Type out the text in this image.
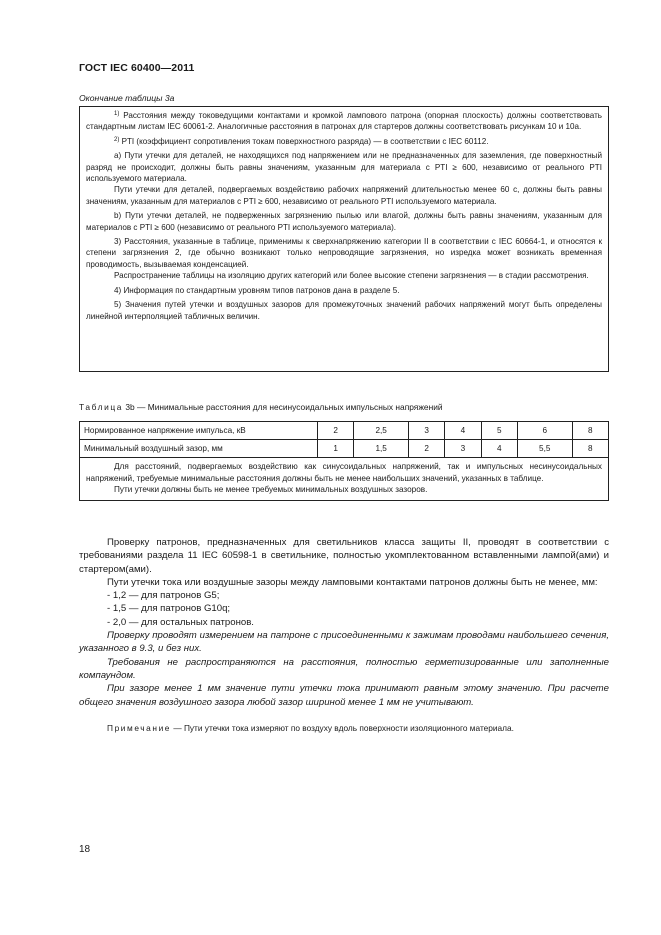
ГОСТ IEC 60400—2011
Окончание таблицы 3а

$^{1)}$ Расстояния между токоведущими контактами и кромкой лампового патрона (опорная плоскость) должны соответствовать стандартным листам IEC 60061-2. Аналогичные расстояния в патронах для стартеров должны соответствовать рисункам 10 и 10a.

$^{2)}$ PTI (коэффициент сопротивления токам поверхностного разряда) — в соответствии с IEC 60112.

а) Пути утечки для деталей, не находящихся под напряжением или не предназначенных для заземления, где поверхностный разряд не происходит, должны быть равны значениям, указанным для материала с PTI ≥ 600, независимо от реального PTI используемого материала.

Пути утечки для деталей, подвергаемых воздействию рабочих напряжений длительностью менее 60 с, должны быть равны значениям, указанным для материалов с PTI ≥ 600, независимо от реального PTI используемого материала.

b) Пути утечки деталей, не подверженных загрязнению пылью или влагой, должны быть равны значениям, указанным для материалов с PTI ≥ 600 (независимо от реального PTI используемого материала).

3) Расстояния, указанные в таблице, применимы к сверхнапряжению категории II в соответствии с IEC 60664-1, и относятся к степени загрязнения 2, где обычно возникают только непроводящие загрязнения, но изредка может возникать временная проводимость, вызываемая конденсацией.

Распространение таблицы на изоляцию других категорий или более высокие степени загрязнения — в стадии рассмотрения.

4) Информация по стандартным уровням типов патронов дана в разделе 5.

5) Значения путей утечки и воздушных зазоров для промежуточных значений рабочих напряжений могут быть определены линейной интерполяцией табличных величин.

Таблица 3b — Минимальные расстояния для несинусоидальных импульсных напряжений
Нормированное напряжение импульса, кВ	2	2,5	3	4	5	6	8
Минимальный воздушный зазор, мм	1	1,5	2	3	4	5,5	8

Для расстояний, подвергаемых воздействию как синусоидальных напряжений, так и импульсных несинусоидальных напряжений, требуемые минимальные расстояния должны быть не менее наибольших значений, указанных в таблице.

Пути утечки должны быть не менее требуемых минимальных воздушных зазоров.							

Проверку патронов, предназначенных для светильников класса защиты II, проводят в соответствии с требованиями раздела 11 IEC 60598-1 в светильнике, полностью укомплектованном вставленными лампой(ами) и стартером(ами).

Пути утечки тока или воздушные зазоры между ламповыми контактами патронов должны быть не менее, мм:

- 1,2 — для патронов G5;
- 1,5 — для патронов G10q;
- 2,0 — для остальных патронов.

Проверку проводят измерением на патроне с присоединенными к зажимам проводами наибольшего сечения, указанного в 9.3, и без них.

Требования не распространяются на расстояния, полностью герметизированные или заполненные компаундом.

При зазоре менее 1 мм значение пути утечки тока принимают равным этому значению. При расчете общего значения воздушного зазора любой зазор шириной менее 1 мм не учитывают.

Примечание — Пути утечки тока измеряют по воздуху вдоль поверхности изоляционного материала.

18
